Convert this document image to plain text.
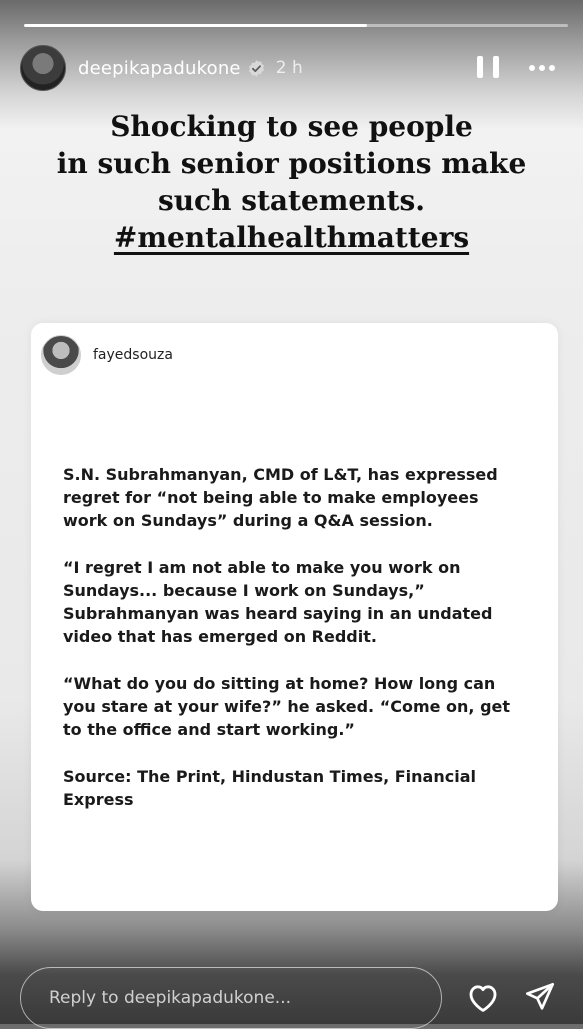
deepikapadukone 2 h
Shocking to see people
in such senior positions make
such statements.
#mentalhealthmatters
fayedsouza

S.N. Subrahmanyan, CMD of L&T, has expressed
regret for “not being able to make employees
work on Sundays” during a Q&A session.

“I regret I am not able to make you work on
Sundays... because I work on Sundays,”
Subrahmanyan was heard saying in an undated
video that has emerged on Reddit.

“What do you do sitting at home? How long can
you stare at your wife?” he asked. “Come on, get
to the office and start working.”

Source: The Print, Hindustan Times, Financial
Express

Reply to deepikapadukone...
